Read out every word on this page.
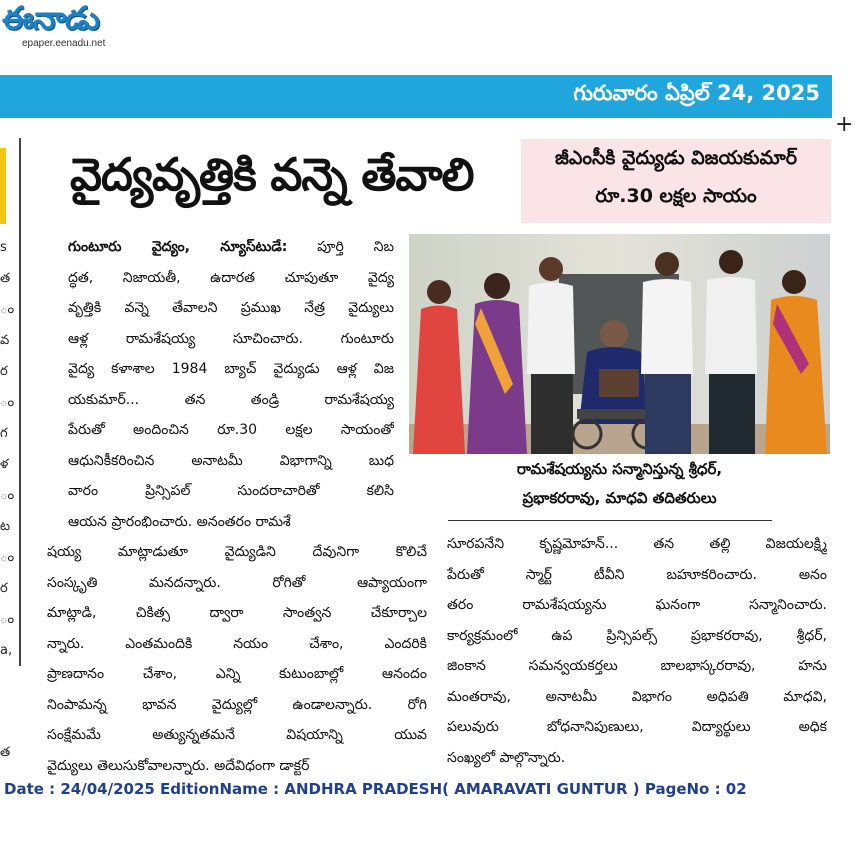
ఈనాడు
epaper.eenadu.net
గురువారం ఏప్రిల్ 24, 2025
+
s
త
ం
వ
ర
ం
గ
ళ
ం
ట
ం
ర
ం
a,
త
వైద్యవృత్తికి వన్నె తేవాలి	జీఎంసీకి వైద్యుడు విజయకుమార్
రూ.30 లక్షల సాయం
రామశేషయ్యను సన్మానిస్తున్న శ్రీధర్,
ప్రభాకరరావు, మాధవి తదితరులు
గుంటూరు వైద్యం, న్యూస్‌టుడే: పూర్తి నిబ
ద్ధత, నిజాయతీ, ఉదారత చూపుతూ వైద్య
వృత్తికి వన్నె తేవాలని ప్రముఖ నేత్ర వైద్యులు
ఆళ్ల రామశేషయ్య సూచించారు. గుంటూరు
వైద్య కళాశాల 1984 బ్యాచ్ వైద్యుడు ఆళ్ల విజ
యకుమార్... తన తండ్రి రామశేషయ్య
పేరుతో అందించిన రూ.30 లక్షల సాయంతో
ఆధునికీకరించిన అనాటమీ విభాగాన్ని బుధ
వారం ప్రిన్సిపల్ సుందరాచారితో కలిసి
ఆయన ప్రారంభించారు. అనంతరం రామశే
షయ్య మాట్లాడుతూ వైద్యుడిని దేవునిగా కొలిచే
సంస్కృతి మనదన్నారు. రోగితో ఆప్యాయంగా
మాట్లాడి, చికిత్స ద్వారా సాంత్వన చేకూర్చాల
న్నారు. ఎంతమందికి నయం చేశాం, ఎందరికి
ప్రాణదానం చేశాం, ఎన్ని కుటుంబాల్లో ఆనందం
నింపామన్న భావన వైద్యుల్లో ఉండాలన్నారు. రోగి
సంక్షేమమే అత్యున్నతమనే విషయాన్ని యువ
వైద్యులు తెలుసుకోవాలన్నారు. అదేవిధంగా డాక్టర్
సూరపనేని కృష్ణమోహన్... తన తల్లి విజయలక్ష్మి
పేరుతో స్మార్ట్ టీవీని బహూకరించారు. అనం
తరం రామశేషయ్యను ఘనంగా సన్మానించారు.
కార్యక్రమంలో ఉప ప్రిన్సిపల్స్ ప్రభాకరరావు, శ్రీధర్,
జింకాన సమన్వయకర్తలు బాలభాస్కరరావు, హను
మంతరావు, అనాటమీ విభాగం అధిపతి మాధవి,
పలువురు బోధనానిపుణులు, విద్యార్థులు అధిక
సంఖ్యలో పాల్గొన్నారు.
Date : 24/04/2025 EditionName : ANDHRA PRADESH( AMARAVATI GUNTUR ) PageNo : 02
